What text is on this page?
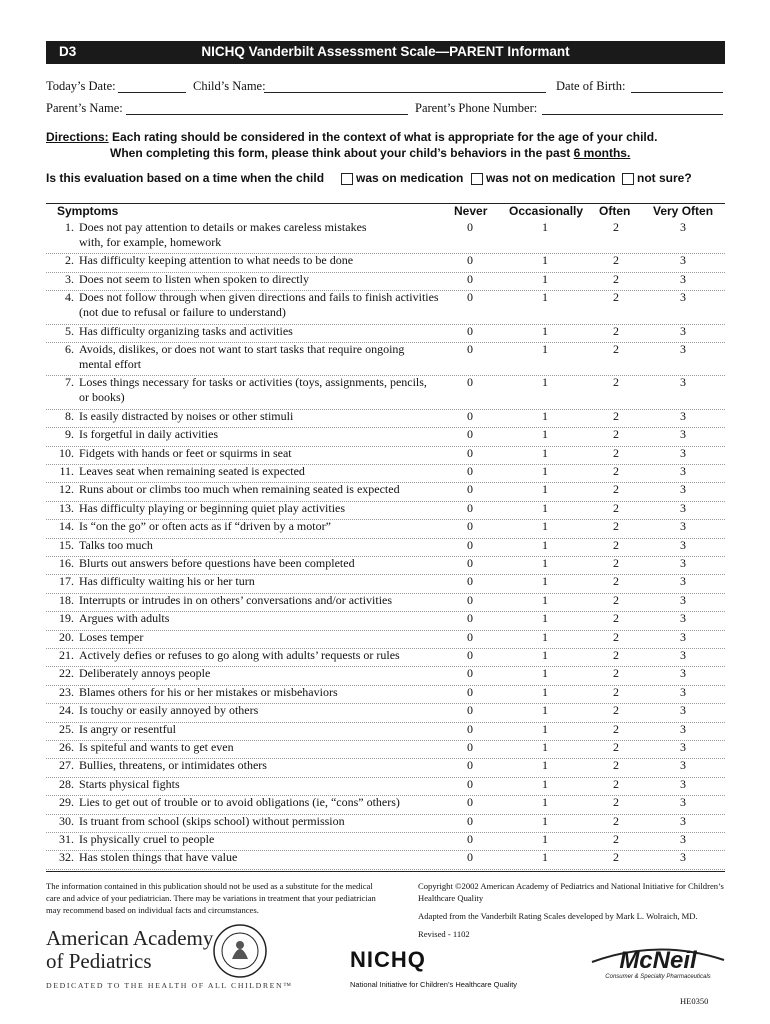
D3	NICHQ Vanderbilt Assessment Scale—PARENT Informant
Today’s Date:	Child’s Name:	Date of Birth:
Parent’s Name:	Parent’s Phone Number:
Directions: Each rating should be considered in the context of what is appropriate for the age of your child.
When completing this form, please think about your child’s behaviors in the past 6 months.
Is this evaluation based on a time when the child	was on medication was not on medication not sure?
Symptoms	Never Occasionally Often Very Often
1. Does not pay attention to details or makes careless mistakes
with, for example, homework
0	1	2	3
2. Has difficulty keeping attention to what needs to be done	0	1	2	3
3. Does not seem to listen when spoken to directly	0	1	2	3
4. Does not follow through when given directions and fails to finish activities
(not due to refusal or failure to understand)
0	1	2	3
5. Has difficulty organizing tasks and activities	0	1	2	3
6. Avoids, dislikes, or does not want to start tasks that require ongoing
mental effort
0	1	2	3
7. Loses things necessary for tasks or activities (toys, assignments, pencils,
or books)
0	1	2	3
8. Is easily distracted by noises or other stimuli	0	1	2	3
9. Is forgetful in daily activities	0	1	2	3
10. Fidgets with hands or feet or squirms in seat	0	1	2	3
11. Leaves seat when remaining seated is expected	0	1	2	3
12. Runs about or climbs too much when remaining seated is expected	0	1	2	3
13. Has difficulty playing or beginning quiet play activities	0	1	2	3
14. Is “on the go” or often acts as if “driven by a motor”	0	1	2	3
15. Talks too much	0	1	2	3
16. Blurts out answers before questions have been completed	0	1	2	3
17. Has difficulty waiting his or her turn	0	1	2	3
18. Interrupts or intrudes in on others’ conversations and/or activities	0	1	2	3
19. Argues with adults	0	1	2	3
20. Loses temper	0	1	2	3
21. Actively defies or refuses to go along with adults’ requests or rules	0	1	2	3
22. Deliberately annoys people	0	1	2	3
23. Blames others for his or her mistakes or misbehaviors	0	1	2	3
24. Is touchy or easily annoyed by others	0	1	2	3
25. Is angry or resentful	0	1	2	3
26. Is spiteful and wants to get even	0	1	2	3
27. Bullies, threatens, or intimidates others	0	1	2	3
28. Starts physical fights	0	1	2	3
29. Lies to get out of trouble or to avoid obligations (ie, “cons” others)	0	1	2	3
30. Is truant from school (skips school) without permission	0	1	2	3
31. Is physically cruel to people	0	1	2	3
32. Has stolen things that have value	0	1	2	3
The information contained in this publication should not be used as a substitute for the medical care and advice of your pediatrician. There may be variations in treatment that your pediatrician may recommend based on individual facts and circumstances.
Copyright ©2002 American Academy of Pediatrics and National Initiative for Children’s Healthcare Quality
Adapted from the Vanderbilt Rating Scales developed by Mark L. Wolraich, MD.
Revised - 1102
American Academy
of Pediatrics
DEDICATED TO THE HEALTH OF ALL CHILDREN™
NICHQ
National Initiative for Children’s Healthcare Quality
McNeil
Consumer & Specialty Pharmaceuticals
HE0350
